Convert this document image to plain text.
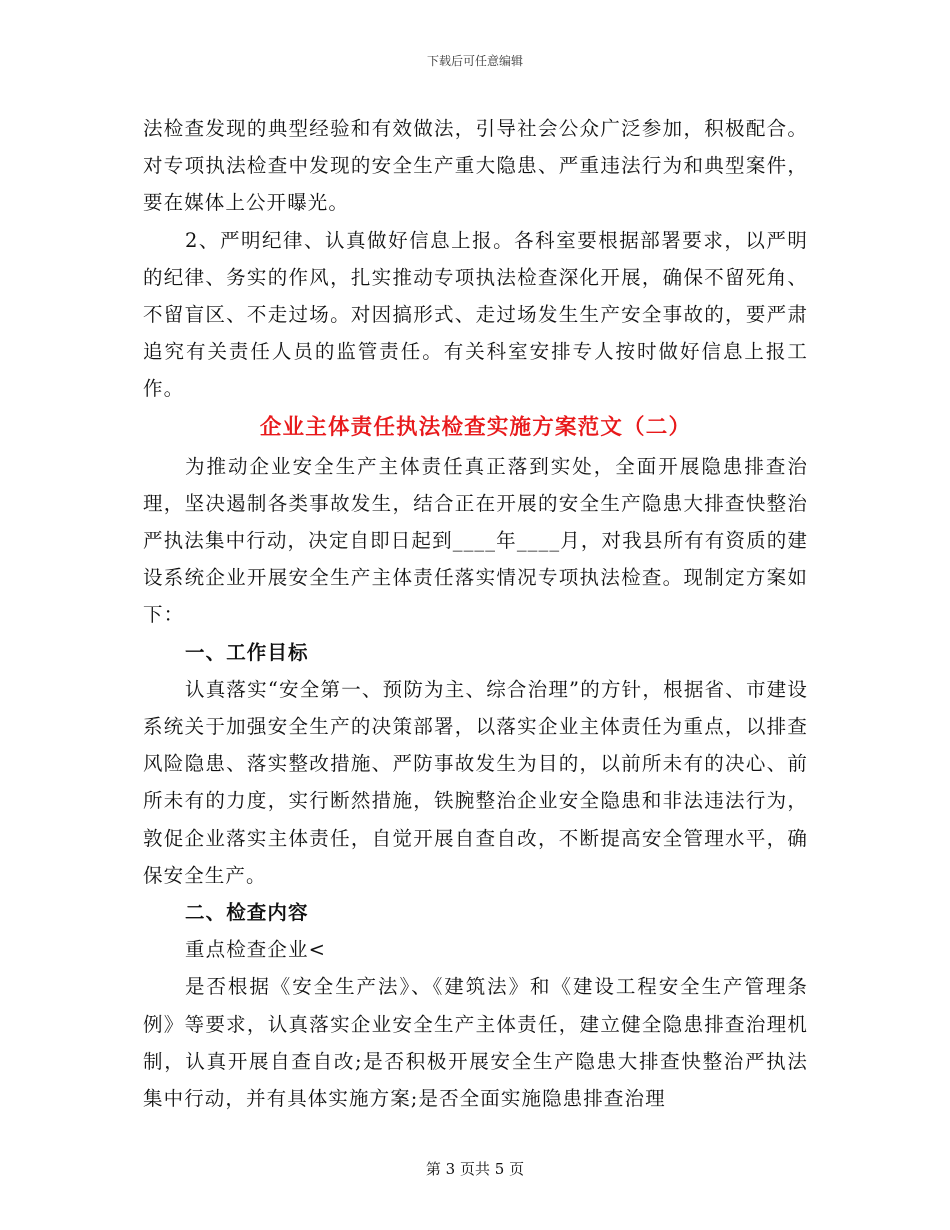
下载后可任意编辑

法检查发现的典型经验和有效做法，引导社会公众广泛参加，积极配合。对专项执法检查中发现的安全生产重大隐患、严重违法行为和典型案件，要在媒体上公开曝光。

2、严明纪律、认真做好信息上报。各科室要根据部署要求，以严明的纪律、务实的作风，扎实推动专项执法检查深化开展，确保不留死角、不留盲区、不走过场。对因搞形式、走过场发生生产安全事故的，要严肃追究有关责任人员的监管责任。有关科室安排专人按时做好信息上报工作。

企业主体责任执法检查实施方案范文（二）

为推动企业安全生产主体责任真正落到实处，全面开展隐患排查治理，坚决遏制各类事故发生，结合正在开展的安全生产隐患大排查快整治严执法集中行动，决定自即日起到____年____月，对我县所有有资质的建设系统企业开展安全生产主体责任落实情况专项执法检查。现制定方案如下：

一、工作目标

认真落实“安全第一、预防为主、综合治理”的方针，根据省、市建设系统关于加强安全生产的决策部署，以落实企业主体责任为重点，以排查风险隐患、落实整改措施、严防事故发生为目的，以前所未有的决心、前所未有的力度，实行断然措施，铁腕整治企业安全隐患和非法违法行为，敦促企业落实主体责任，自觉开展自查自改，不断提高安全管理水平，确保安全生产。

二、检查内容

重点检查企业<

是否根据《安全生产法》、《建筑法》和《建设工程安全生产管理条例》等要求，认真落实企业安全生产主体责任，建立健全隐患排查治理机制，认真开展自查自改;是否积极开展安全生产隐患大排查快整治严执法集中行动，并有具体实施方案;是否全面实施隐患排查治理

第 3 页共 5 页
